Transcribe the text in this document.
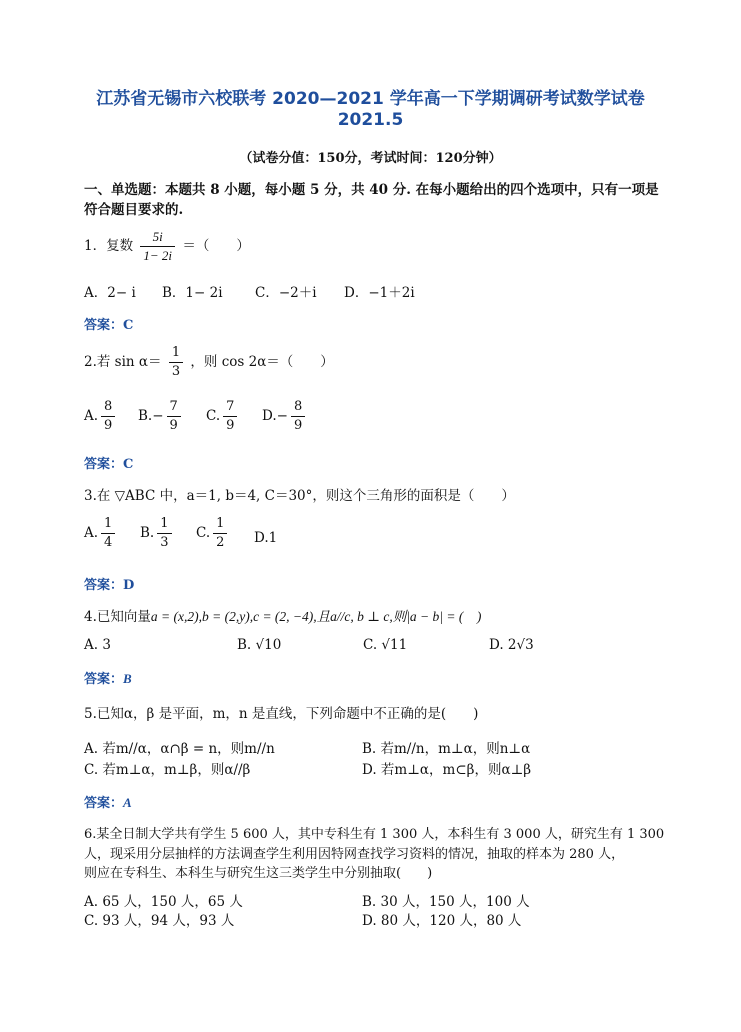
江苏省无锡市六校联考 2020—2021 学年高一下学期调研考试数学试卷
2021.5
（试卷分值：150分，考试时间：120分钟）
一、单选题：本题共 8 小题，每小题 5 分，共 40 分. 在每小题给出的四个选项中，只有一项是
符合题目要求的.
1．复数 $\frac{5i}{1- 2i}$ ＝（　　）
A．2− i B．1− 2i C．−2＋i D．−1＋2i
答案：C
2.若 $\sin \alpha= \frac{1}{3}$ ，则 cos 2α＝（　　）
A. $\frac{8}{9} B.- \frac{7}{9} C$. $\frac{7}{9} D.- \frac{8}{9}$
答案：C
3.在 ▽ABC 中，a＝1, b＝4, C＝30°，则这个三角形的面积是（　　）
A. $\frac{1}{4} B$. $\frac{1}{3} C$. $\frac{1}{2} D.1$
答案：D
4.已知向量a = (x,2),b = (2,y),c = (2, −4),且a//c, b ⊥ c,则|a − b| = (　)
A. 3	B. √10	C. √11	D. 2√3
答案：B
5.已知α，β 是平面，m，n 是直线，下列命题中不正确的是(　　)
A. 若m//α，α∩β = n，则m//n	B. 若m//n，m⊥α，则n⊥α
C. 若m⊥α，m⊥β，则α//β	D. 若m⊥α，m⊂β，则α⊥β
答案：A
6.某全日制大学共有学生 5 600 人，其中专科生有 1 300 人，本科生有 3 000 人，研究生有 1 300
人，现采用分层抽样的方法调查学生利用因特网查找学习资料的情况，抽取的样本为 280 人，
则应在专科生、本科生与研究生这三类学生中分别抽取(　　)
A. 65 人，150 人，65 人	B. 30 人，150 人，100 人
C. 93 人，94 人，93 人	D. 80 人，120 人，80 人
